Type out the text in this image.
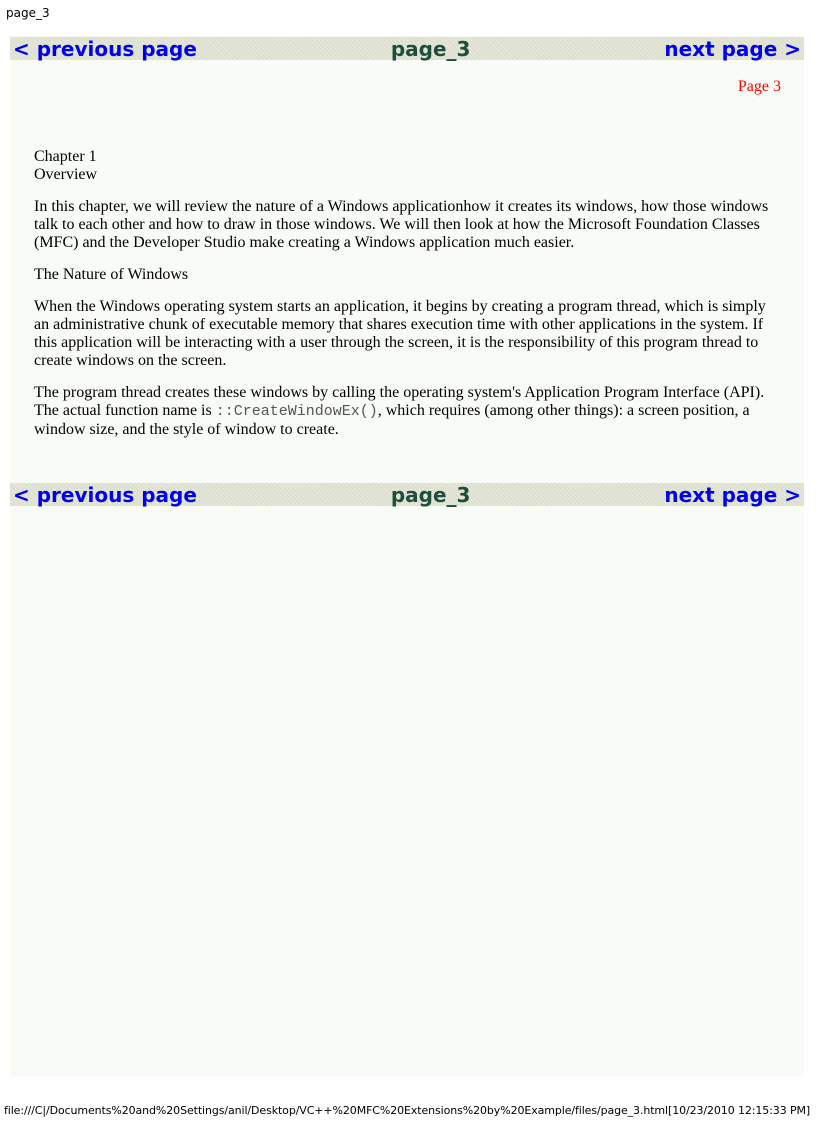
page_3
< previous page	page_3	next page >
Page 3

Chapter 1
Overview

In this chapter, we will review the nature of a Windows applicationhow it creates its windows, how those windows talk to each other and how to draw in those windows. We will then look at how the Microsoft Foundation Classes (MFC) and the Developer Studio make creating a Windows application much easier.

The Nature of Windows

When the Windows operating system starts an application, it begins by creating a program thread, which is simply an administrative chunk of executable memory that shares execution time with other applications in the system. If this application will be interacting with a user through the screen, it is the responsibility of this program thread to create windows on the screen.

The program thread creates these windows by calling the operating system's Application Program Interface (API). The actual function name is ::CreateWindowEx(), which requires (among other things): a screen position, a window size, and the style of window to create.

< previous page	page_3	next page >
file:///C|/Documents%20and%20Settings/anil/Desktop/VC++%20MFC%20Extensions%20by%20Example/files/page_3.html[10/23/2010 12:15:33 PM]
